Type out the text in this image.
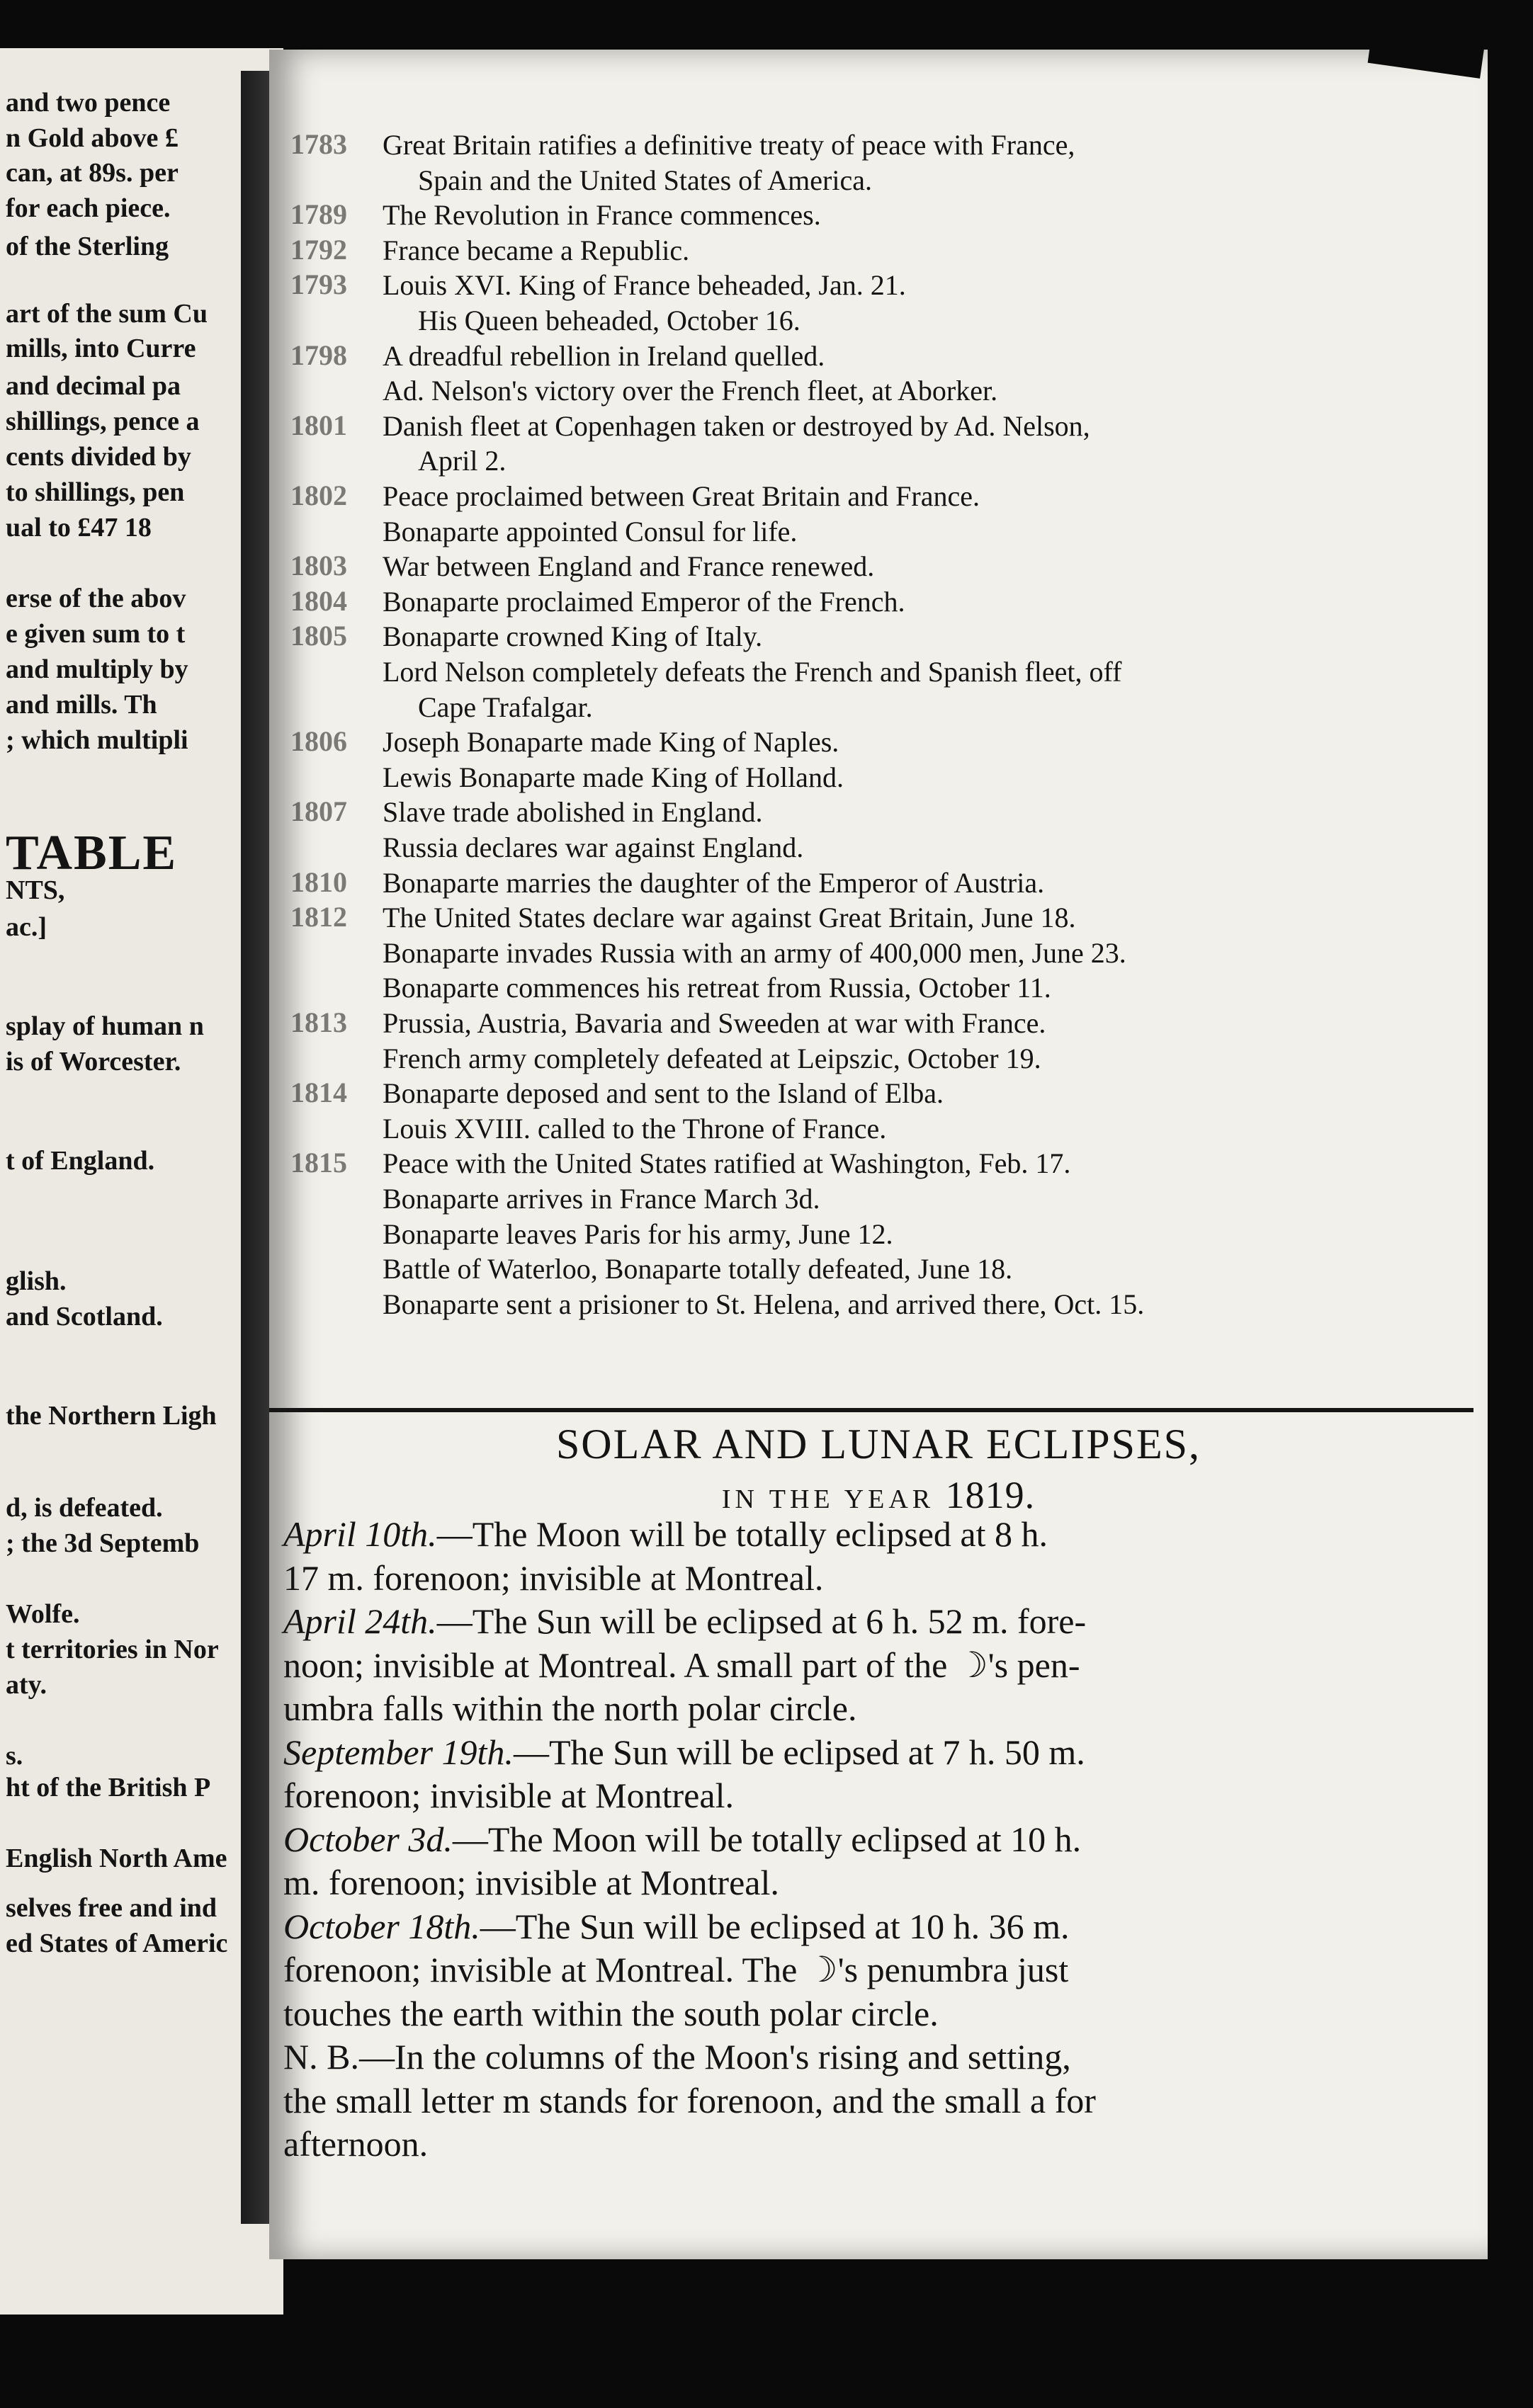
and two pence
n Gold above £
can, at 89s. per
for each piece.
of the Sterling
art of the sum Cu
mills, into Curre
and decimal pa
shillings, pence a
cents divided by
to shillings, pen
ual to £47 18
erse of the abov
e given sum to t
and multiply by
and mills. Th
; which multipli
TABLE
NTS,
ac.]
splay of human n
is of Worcester.
t of England.
glish.
and Scotland.
the Northern Ligh
d, is defeated.
; the 3d Septemb
Wolfe.
t territories in Nor
aty.
s.
ht of the British P
English North Ame
selves free and ind
ed States of Americ
1783 Great Britain ratifies a definitive treaty of peace with France,
Spain and the United States of America.
1789 The Revolution in France commences.
1792 France became a Republic.
1793 Louis XVI. King of France beheaded, Jan. 21.
His Queen beheaded, October 16.
1798 A dreadful rebellion in Ireland quelled.
Ad. Nelson's victory over the French fleet, at Aborker.
1801 Danish fleet at Copenhagen taken or destroyed by Ad. Nelson,
April 2.
1802 Peace proclaimed between Great Britain and France.
Bonaparte appointed Consul for life.
1803 War between England and France renewed.
1804 Bonaparte proclaimed Emperor of the French.
1805 Bonaparte crowned King of Italy.
Lord Nelson completely defeats the French and Spanish fleet, off
Cape Trafalgar.
1806 Joseph Bonaparte made King of Naples.
Lewis Bonaparte made King of Holland.
1807 Slave trade abolished in England.
Russia declares war against England.
1810 Bonaparte marries the daughter of the Emperor of Austria.
1812 The United States declare war against Great Britain, June 18.
Bonaparte invades Russia with an army of 400,000 men, June 23.
Bonaparte commences his retreat from Russia, October 11.
1813 Prussia, Austria, Bavaria and Sweeden at war with France.
French army completely defeated at Leipszic, October 19.
1814 Bonaparte deposed and sent to the Island of Elba.
Louis XVIII. called to the Throne of France.
1815 Peace with the United States ratified at Washington, Feb. 17.
Bonaparte arrives in France March 3d.
Bonaparte leaves Paris for his army, June 12.
Battle of Waterloo, Bonaparte totally defeated, June 18.
Bonaparte sent a prisioner to St. Helena, and arrived there, Oct. 15.
SOLAR AND LUNAR ECLIPSES,
IN THE YEAR 1819.
April 10th.—The Moon will be totally eclipsed at 8 h.
17 m. forenoon; invisible at Montreal.
April 24th.—The Sun will be eclipsed at 6 h. 52 m. fore-
noon; invisible at Montreal. A small part of the ☽'s pen-
umbra falls within the north polar circle.
September 19th.—The Sun will be eclipsed at 7 h. 50 m.
forenoon; invisible at Montreal.
October 3d.—The Moon will be totally eclipsed at 10 h.
m. forenoon; invisible at Montreal.
October 18th.—The Sun will be eclipsed at 10 h. 36 m.
forenoon; invisible at Montreal. The ☽'s penumbra just
touches the earth within the south polar circle.
N. B.—In the columns of the Moon's rising and setting,
the small letter m stands for forenoon, and the small a for
afternoon.
